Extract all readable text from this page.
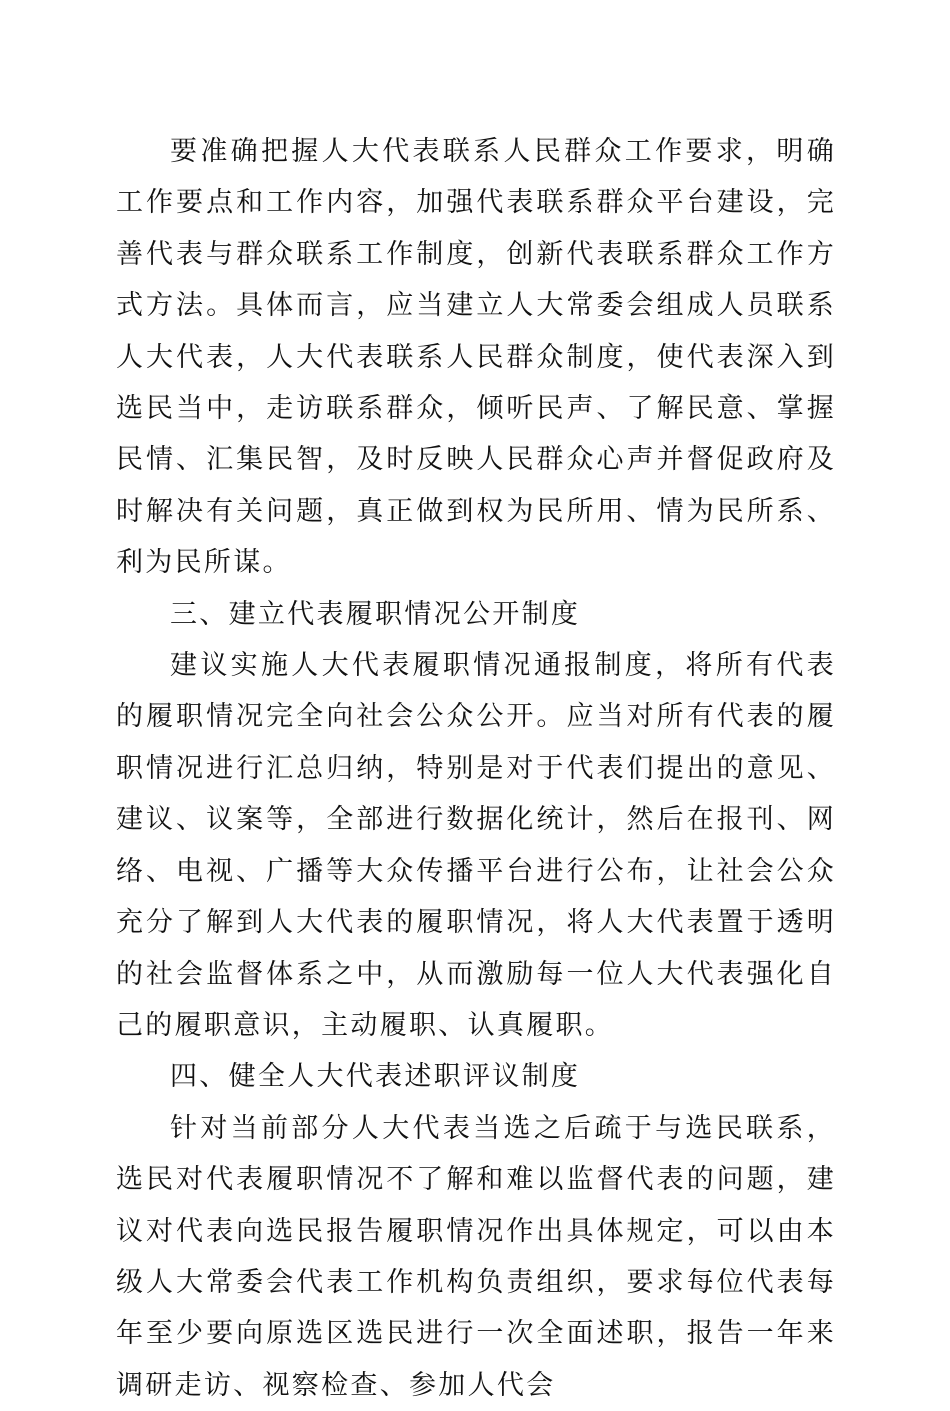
要准确把握人大代表联系人民群众工作要求，明确工作要点和工作内容，加强代表联系群众平台建设，完善代表与群众联系工作制度，创新代表联系群众工作方式方法。具体而言，应当建立人大常委会组成人员联系人大代表，人大代表联系人民群众制度，使代表深入到选民当中，走访联系群众，倾听民声、了解民意、掌握民情、汇集民智，及时反映人民群众心声并督促政府及时解决有关问题，真正做到权为民所用、情为民所系、利为民所谋。

三、建立代表履职情况公开制度

建议实施人大代表履职情况通报制度，将所有代表的履职情况完全向社会公众公开。应当对所有代表的履职情况进行汇总归纳，特别是对于代表们提出的意见、建议、议案等，全部进行数据化统计，然后在报刊、网络、电视、广播等大众传播平台进行公布，让社会公众充分了解到人大代表的履职情况，将人大代表置于透明的社会监督体系之中，从而激励每一位人大代表强化自己的履职意识，主动履职、认真履职。

四、健全人大代表述职评议制度

针对当前部分人大代表当选之后疏于与选民联系，选民对代表履职情况不了解和难以监督代表的问题，建议对代表向选民报告履职情况作出具体规定，可以由本级人大常委会代表工作机构负责组织，要求每位代表每年至少要向原选区选民进行一次全面述职，报告一年来调研走访、视察检查、参加人代会
